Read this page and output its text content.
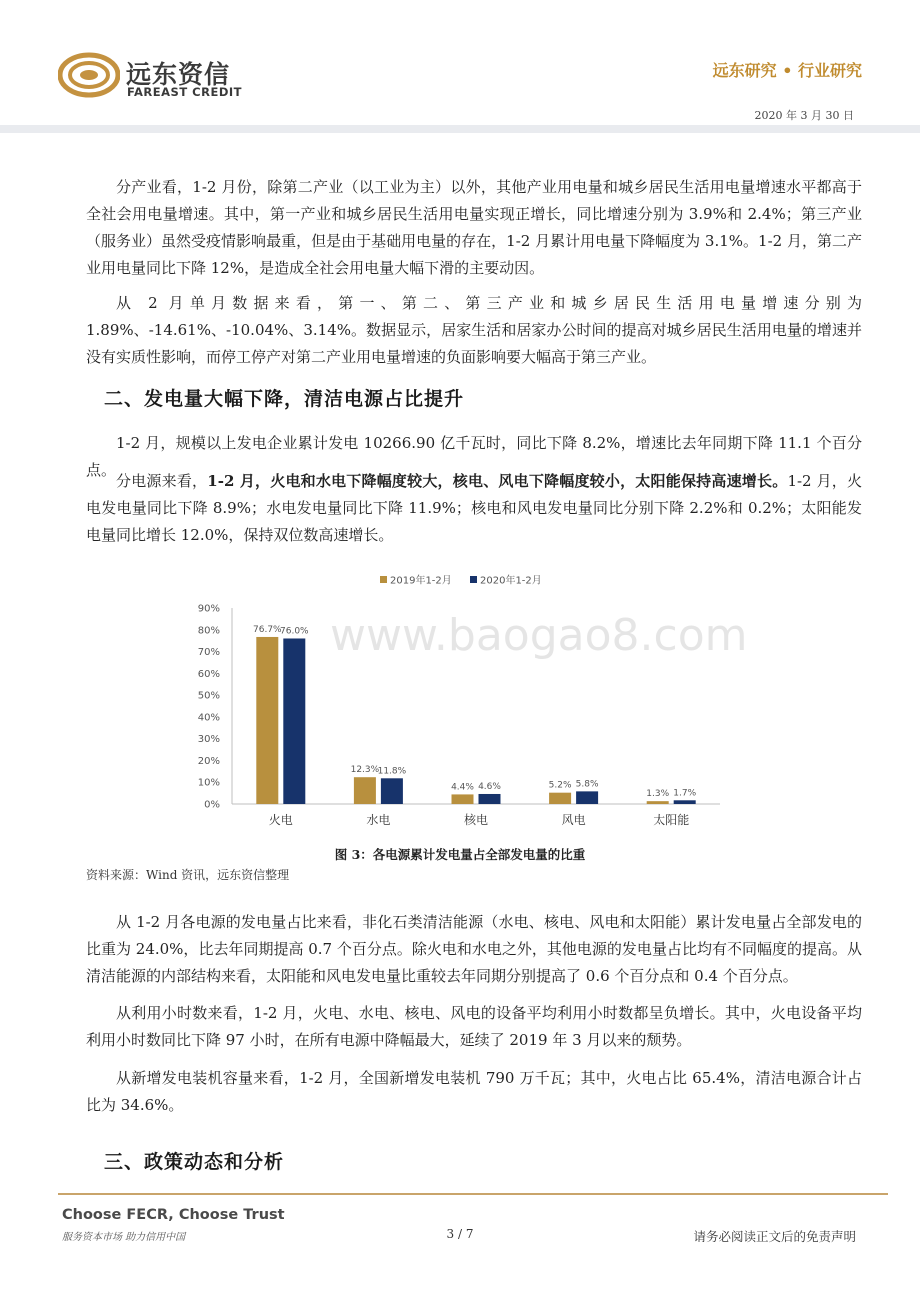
远东资信
FAREAST CREDIT
远东研究 • 行业研究
2020 年 3 月 30 日
分产业看，1-2 月份，除第二产业（以工业为主）以外，其他产业用电量和城乡居民生活用电量增速水平都高于全社会用电量增速。其中，第一产业和城乡居民生活用电量实现正增长，同比增速分别为 3.9%和 2.4%；第三产业（服务业）虽然受疫情影响最重，但是由于基础用电量的存在，1-2 月累计用电量下降幅度为 3.1%。1-2 月，第二产业用电量同比下降 12%，是造成全社会用电量大幅下滑的主要动因。
从 2 月单月数据来看，第一、第二、第三产业和城乡居民生活用电量增速分别为 1.89%、-14.61%、-10.04%、3.14%。数据显示，居家生活和居家办公时间的提高对城乡居民生活用电量的增速并没有实质性影响，而停工停产对第二产业用电量增速的负面影响要大幅高于第三产业。
二、发电量大幅下降，清洁电源占比提升
1-2 月，规模以上发电企业累计发电 10266.90 亿千瓦时，同比下降 8.2%，增速比去年同期下降 11.1 个百分点。
分电源来看，1-2 月，火电和水电下降幅度较大，核电、风电下降幅度较小，太阳能保持高速增长。1-2 月，火电发电量同比下降 8.9%；水电发电量同比下降 11.9%；核电和风电发电量同比分别下降 2.2%和 0.2%；太阳能发电量同比增长 12.0%，保持双位数高速增长。
www.baogao8.com
2019年1-2月	2020年1-2月
0%
10%
20%
30%
40%
50%
60%
70%
80%
90%
76.7%
76.0%
火电
12.3%
11.8%
水电
4.4% 4.6%
核电
5.2% 5.8%
风电
1.3% 1.7%
太阳能
图 3：各电源累计发电量占全部发电量的比重
资料来源：Wind 资讯，远东资信整理
从 1-2 月各电源的发电量占比来看，非化石类清洁能源（水电、核电、风电和太阳能）累计发电量占全部发电的比重为 24.0%，比去年同期提高 0.7 个百分点。除火电和水电之外，其他电源的发电量占比均有不同幅度的提高。从清洁能源的内部结构来看，太阳能和风电发电量比重较去年同期分别提高了 0.6 个百分点和 0.4 个百分点。
从利用小时数来看，1-2 月，火电、水电、核电、风电的设备平均利用小时数都呈负增长。其中，火电设备平均利用小时数同比下降 97 小时，在所有电源中降幅最大，延续了 2019 年 3 月以来的颓势。
从新增发电装机容量来看，1-2 月，全国新增发电装机 790 万千瓦；其中，火电占比 65.4%，清洁电源合计占比为 34.6%。
三、政策动态和分析
Choose FECR, Choose Trust
服务资本市场 助力信用中国	3 / 7	请务必阅读正文后的免责声明
